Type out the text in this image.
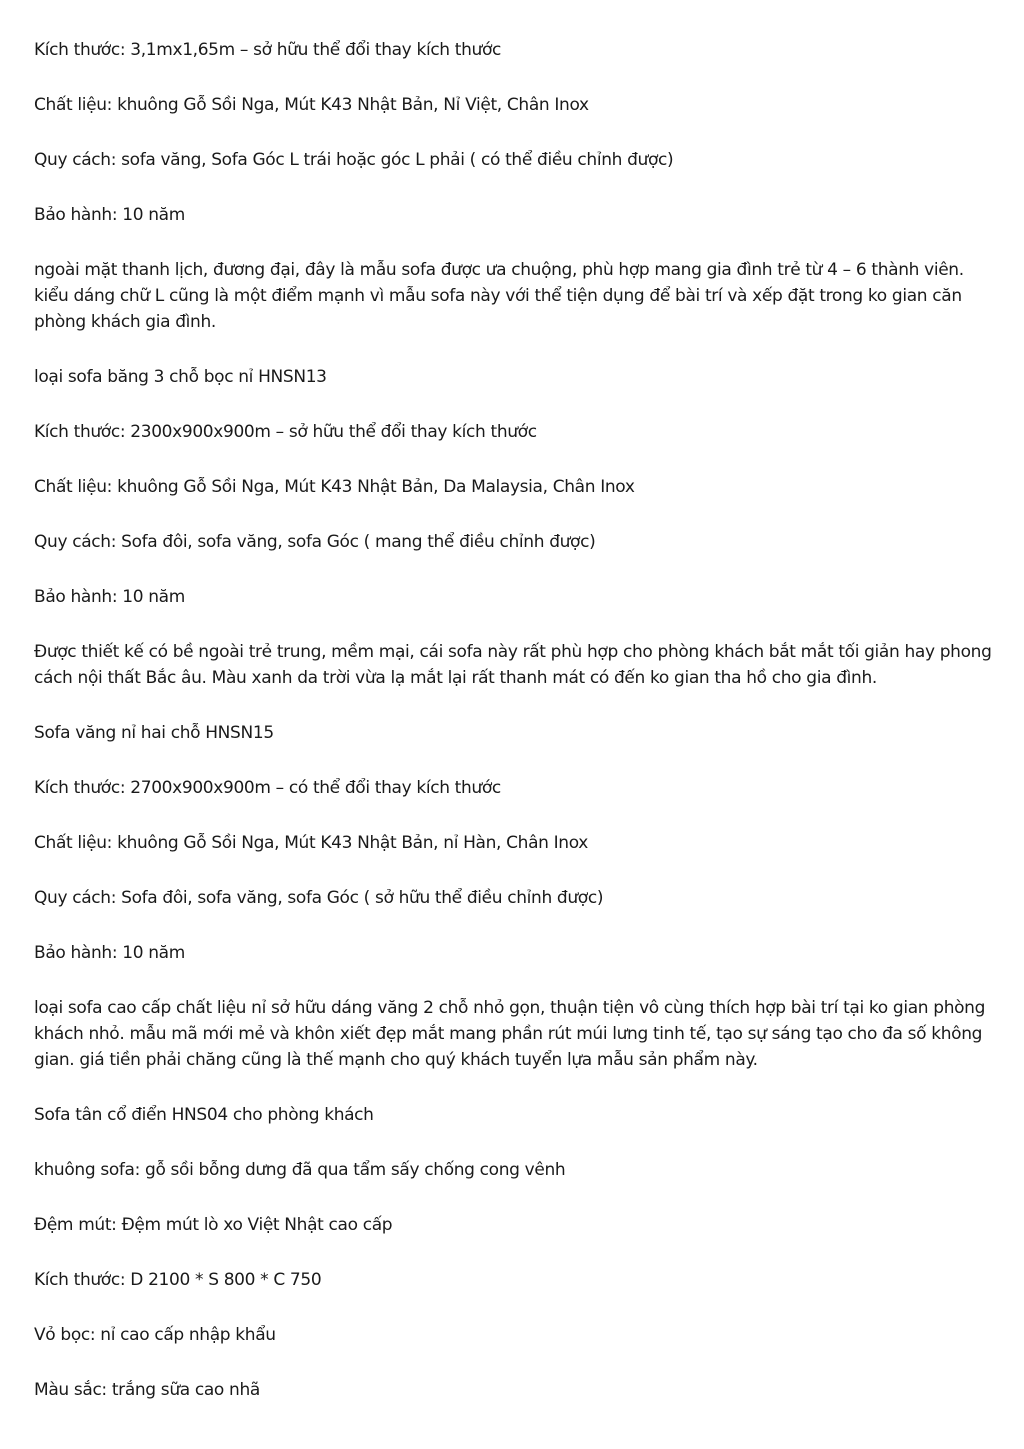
Kích thước: 3,1mx1,65m – sở hữu thể đổi thay kích thước

Chất liệu: khuông Gỗ Sồi Nga, Mút K43 Nhật Bản, Nỉ Việt, Chân Inox

Quy cách: sofa văng, Sofa Góc L trái hoặc góc L phải ( có thể điều chỉnh được)

Bảo hành: 10 năm

ngoài mặt thanh lịch, đương đại, đây là mẫu sofa được ưa chuộng, phù hợp mang gia đình trẻ từ 4 – 6 thành viên. kiểu dáng chữ L cũng là một điểm mạnh vì mẫu sofa này với thể tiện dụng để bài trí và xếp đặt trong ko gian căn phòng khách gia đình.

loại sofa băng 3 chỗ bọc nỉ HNSN13

Kích thước: 2300x900x900m – sở hữu thể đổi thay kích thước

Chất liệu: khuông Gỗ Sồi Nga, Mút K43 Nhật Bản, Da Malaysia, Chân Inox

Quy cách: Sofa đôi, sofa văng, sofa Góc ( mang thể điều chỉnh được)

Bảo hành: 10 năm

Được thiết kế có bề ngoài trẻ trung, mềm mại, cái sofa này rất phù hợp cho phòng khách bắt mắt tối giản hay phong cách nội thất Bắc âu. Màu xanh da trời vừa lạ mắt lại rất thanh mát có đến ko gian tha hồ cho gia đình.

Sofa văng nỉ hai chỗ HNSN15

Kích thước: 2700x900x900m – có thể đổi thay kích thước

Chất liệu: khuông Gỗ Sồi Nga, Mút K43 Nhật Bản, nỉ Hàn, Chân Inox

Quy cách: Sofa đôi, sofa văng, sofa Góc ( sở hữu thể điều chỉnh được)

Bảo hành: 10 năm

loại sofa cao cấp chất liệu nỉ sở hữu dáng văng 2 chỗ nhỏ gọn, thuận tiện vô cùng thích hợp bài trí tại ko gian phòng khách nhỏ. mẫu mã mới mẻ và khôn xiết đẹp mắt mang phần rút múi lưng tinh tế, tạo sự sáng tạo cho đa số không gian. giá tiền phải chăng cũng là thế mạnh cho quý khách tuyển lựa mẫu sản phẩm này.

Sofa tân cổ điển HNS04 cho phòng khách

khuông sofa: gỗ sồi bỗng dưng đã qua tẩm sấy chống cong vênh

Đệm mút: Đệm mút lò xo Việt Nhật cao cấp

Kích thước: D 2100 * S 800 * C 750

Vỏ bọc: nỉ cao cấp nhập khẩu

Màu sắc: trắng sữa cao nhã
